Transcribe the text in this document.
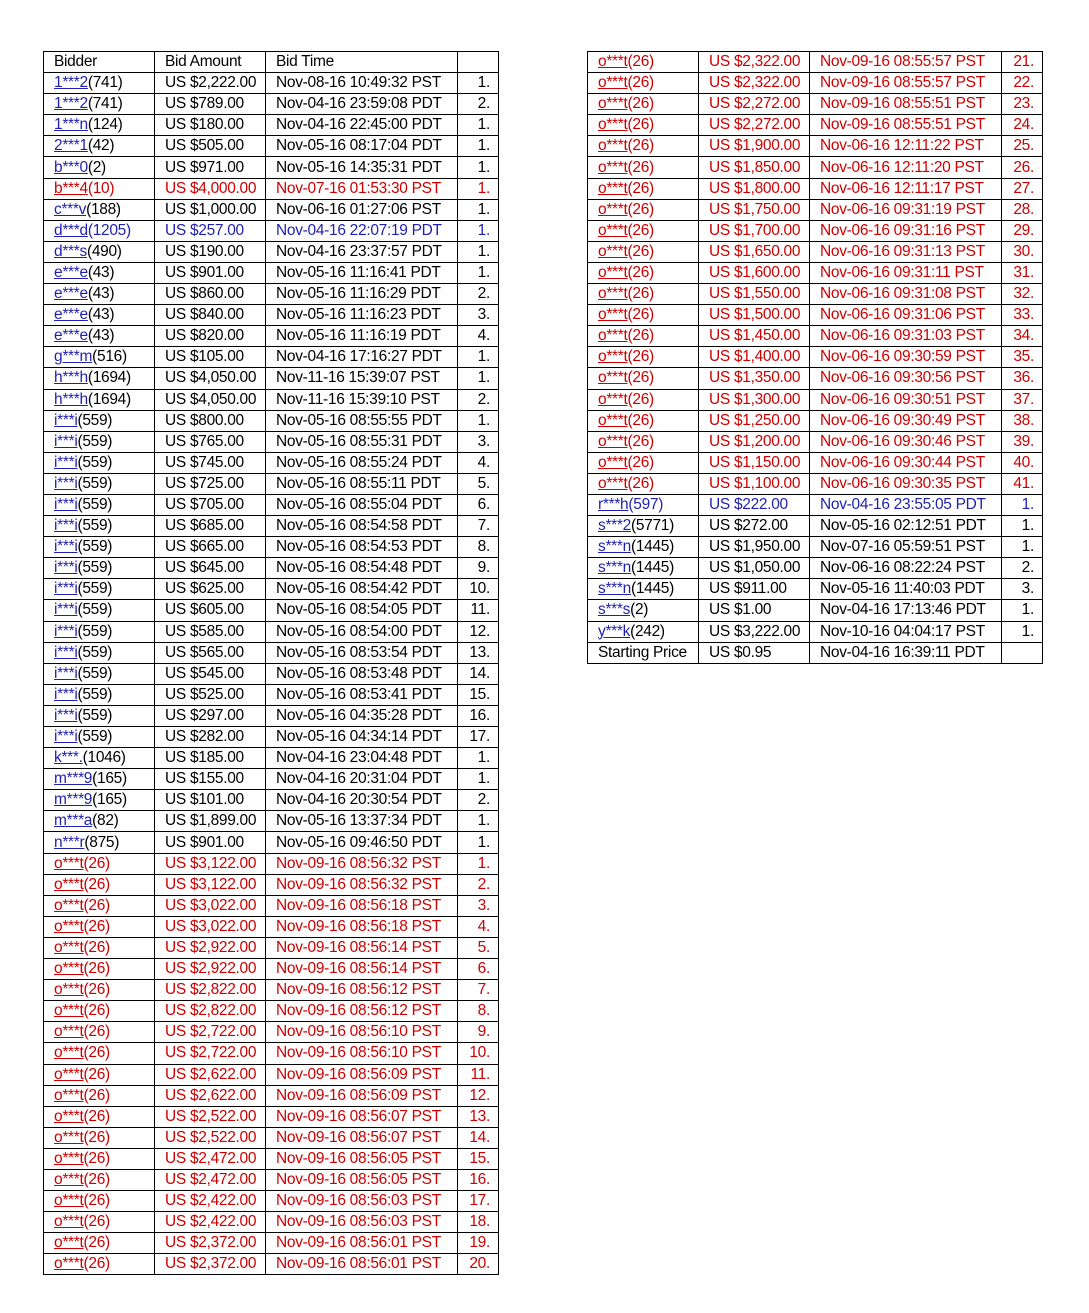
Bidder	Bid Amount	Bid Time	
1***2(741)	US $2,222.00	Nov-08-16 10:49:32 PST	1.
1***2(741)	US $789.00	Nov-04-16 23:59:08 PDT	2.
1***n(124)	US $180.00	Nov-04-16 22:45:00 PDT	1.
2***1(42)	US $505.00	Nov-05-16 08:17:04 PDT	1.
b***0(2)	US $971.00	Nov-05-16 14:35:31 PDT	1.
b***4(10)	US $4,000.00	Nov-07-16 01:53:30 PST	1.
c***v(188)	US $1,000.00	Nov-06-16 01:27:06 PST	1.
d***d(1205)	US $257.00	Nov-04-16 22:07:19 PDT	1.
d***s(490)	US $190.00	Nov-04-16 23:37:57 PDT	1.
e***e(43)	US $901.00	Nov-05-16 11:16:41 PDT	1.
e***e(43)	US $860.00	Nov-05-16 11:16:29 PDT	2.
e***e(43)	US $840.00	Nov-05-16 11:16:23 PDT	3.
e***e(43)	US $820.00	Nov-05-16 11:16:19 PDT	4.
g***m(516)	US $105.00	Nov-04-16 17:16:27 PDT	1.
h***h(1694)	US $4,050.00	Nov-11-16 15:39:07 PST	1.
h***h(1694)	US $4,050.00	Nov-11-16 15:39:10 PST	2.
i***i(559)	US $800.00	Nov-05-16 08:55:55 PDT	1.
i***i(559)	US $765.00	Nov-05-16 08:55:31 PDT	3.
i***i(559)	US $745.00	Nov-05-16 08:55:24 PDT	4.
i***i(559)	US $725.00	Nov-05-16 08:55:11 PDT	5.
i***i(559)	US $705.00	Nov-05-16 08:55:04 PDT	6.
i***i(559)	US $685.00	Nov-05-16 08:54:58 PDT	7.
i***i(559)	US $665.00	Nov-05-16 08:54:53 PDT	8.
i***i(559)	US $645.00	Nov-05-16 08:54:48 PDT	9.
i***i(559)	US $625.00	Nov-05-16 08:54:42 PDT	10.
i***i(559)	US $605.00	Nov-05-16 08:54:05 PDT	11.
i***i(559)	US $585.00	Nov-05-16 08:54:00 PDT	12.
i***i(559)	US $565.00	Nov-05-16 08:53:54 PDT	13.
i***i(559)	US $545.00	Nov-05-16 08:53:48 PDT	14.
i***i(559)	US $525.00	Nov-05-16 08:53:41 PDT	15.
i***i(559)	US $297.00	Nov-05-16 04:35:28 PDT	16.
i***i(559)	US $282.00	Nov-05-16 04:34:14 PDT	17.
k***.(1046)	US $185.00	Nov-04-16 23:04:48 PDT	1.
m***9(165)	US $155.00	Nov-04-16 20:31:04 PDT	1.
m***9(165)	US $101.00	Nov-04-16 20:30:54 PDT	2.
m***a(82)	US $1,899.00	Nov-05-16 13:37:34 PDT	1.
n***r(875)	US $901.00	Nov-05-16 09:46:50 PDT	1.
o***t(26)	US $3,122.00	Nov-09-16 08:56:32 PST	1.
o***t(26)	US $3,122.00	Nov-09-16 08:56:32 PST	2.
o***t(26)	US $3,022.00	Nov-09-16 08:56:18 PST	3.
o***t(26)	US $3,022.00	Nov-09-16 08:56:18 PST	4.
o***t(26)	US $2,922.00	Nov-09-16 08:56:14 PST	5.
o***t(26)	US $2,922.00	Nov-09-16 08:56:14 PST	6.
o***t(26)	US $2,822.00	Nov-09-16 08:56:12 PST	7.
o***t(26)	US $2,822.00	Nov-09-16 08:56:12 PST	8.
o***t(26)	US $2,722.00	Nov-09-16 08:56:10 PST	9.
o***t(26)	US $2,722.00	Nov-09-16 08:56:10 PST	10.
o***t(26)	US $2,622.00	Nov-09-16 08:56:09 PST	11.
o***t(26)	US $2,622.00	Nov-09-16 08:56:09 PST	12.
o***t(26)	US $2,522.00	Nov-09-16 08:56:07 PST	13.
o***t(26)	US $2,522.00	Nov-09-16 08:56:07 PST	14.
o***t(26)	US $2,472.00	Nov-09-16 08:56:05 PST	15.
o***t(26)	US $2,472.00	Nov-09-16 08:56:05 PST	16.
o***t(26)	US $2,422.00	Nov-09-16 08:56:03 PST	17.
o***t(26)	US $2,422.00	Nov-09-16 08:56:03 PST	18.
o***t(26)	US $2,372.00	Nov-09-16 08:56:01 PST	19.
o***t(26)	US $2,372.00	Nov-09-16 08:56:01 PST	20.
o***t(26)	US $2,322.00	Nov-09-16 08:55:57 PST	21.
o***t(26)	US $2,322.00	Nov-09-16 08:55:57 PST	22.
o***t(26)	US $2,272.00	Nov-09-16 08:55:51 PST	23.
o***t(26)	US $2,272.00	Nov-09-16 08:55:51 PST	24.
o***t(26)	US $1,900.00	Nov-06-16 12:11:22 PST	25.
o***t(26)	US $1,850.00	Nov-06-16 12:11:20 PST	26.
o***t(26)	US $1,800.00	Nov-06-16 12:11:17 PST	27.
o***t(26)	US $1,750.00	Nov-06-16 09:31:19 PST	28.
o***t(26)	US $1,700.00	Nov-06-16 09:31:16 PST	29.
o***t(26)	US $1,650.00	Nov-06-16 09:31:13 PST	30.
o***t(26)	US $1,600.00	Nov-06-16 09:31:11 PST	31.
o***t(26)	US $1,550.00	Nov-06-16 09:31:08 PST	32.
o***t(26)	US $1,500.00	Nov-06-16 09:31:06 PST	33.
o***t(26)	US $1,450.00	Nov-06-16 09:31:03 PST	34.
o***t(26)	US $1,400.00	Nov-06-16 09:30:59 PST	35.
o***t(26)	US $1,350.00	Nov-06-16 09:30:56 PST	36.
o***t(26)	US $1,300.00	Nov-06-16 09:30:51 PST	37.
o***t(26)	US $1,250.00	Nov-06-16 09:30:49 PST	38.
o***t(26)	US $1,200.00	Nov-06-16 09:30:46 PST	39.
o***t(26)	US $1,150.00	Nov-06-16 09:30:44 PST	40.
o***t(26)	US $1,100.00	Nov-06-16 09:30:35 PST	41.
r***h(597)	US $222.00	Nov-04-16 23:55:05 PDT	1.
s***2(5771)	US $272.00	Nov-05-16 02:12:51 PDT	1.
s***n(1445)	US $1,950.00	Nov-07-16 05:59:51 PST	1.
s***n(1445)	US $1,050.00	Nov-06-16 08:22:24 PST	2.
s***n(1445)	US $911.00	Nov-05-16 11:40:03 PDT	3.
s***s(2)	US $1.00	Nov-04-16 17:13:46 PDT	1.
y***k(242)	US $3,222.00	Nov-10-16 04:04:17 PST	1.
Starting Price	US $0.95	Nov-04-16 16:39:11 PDT	
